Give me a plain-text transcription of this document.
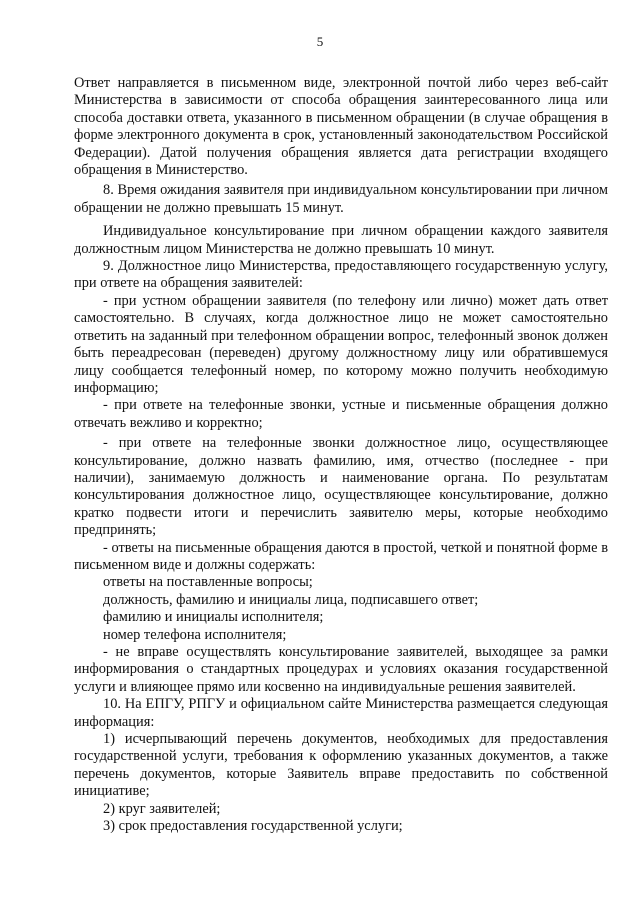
5

Ответ направляется в письменном виде, электронной почтой либо через веб-сайт Министерства в зависимости от способа обращения заинтересованного лица или способа доставки ответа, указанного в письменном обращении (в случае обращения в форме электронного документа в срок, установленный законодательством Российской Федерации). Датой получения обращения является дата регистрации входящего обращения в Министерство.

8. Время ожидания заявителя при индивидуальном консультировании при личном обращении не должно превышать 15 минут.

Индивидуальное консультирование при личном обращении каждого заявителя должностным лицом Министерства не должно превышать 10 минут.

9. Должностное лицо Министерства, предоставляющего государственную услугу, при ответе на обращения заявителей:

- при устном обращении заявителя (по телефону или лично) может дать ответ самостоятельно. В случаях, когда должностное лицо не может самостоятельно ответить на заданный при телефонном обращении вопрос, телефонный звонок должен быть переадресован (переведен) другому должностному лицу или обратившемуся лицу сообщается телефонный номер, по которому можно получить необходимую информацию;

- при ответе на телефонные звонки, устные и письменные обращения должно отвечать вежливо и корректно;

- при ответе на телефонные звонки должностное лицо, осуществляющее консультирование, должно назвать фамилию, имя, отчество (последнее - при наличии), занимаемую должность и наименование органа. По результатам консультирования должностное лицо, осуществляющее консультирование, должно кратко подвести итоги и перечислить заявителю меры, которые необходимо предпринять;

- ответы на письменные обращения даются в простой, четкой и понятной форме в письменном виде и должны содержать:

ответы на поставленные вопросы;

должность, фамилию и инициалы лица, подписавшего ответ;

фамилию и инициалы исполнителя;

номер телефона исполнителя;

- не вправе осуществлять консультирование заявителей, выходящее за рамки информирования о стандартных процедурах и условиях оказания государственной услуги и влияющее прямо или косвенно на индивидуальные решения заявителей.

10. На ЕПГУ, РПГУ и официальном сайте Министерства размещается следующая информация:

1) исчерпывающий перечень документов, необходимых для предоставления государственной услуги, требования к оформлению указанных документов, а также перечень документов, которые Заявитель вправе предоставить по собственной инициативе;

2) круг заявителей;

3) срок предоставления государственной услуги;
